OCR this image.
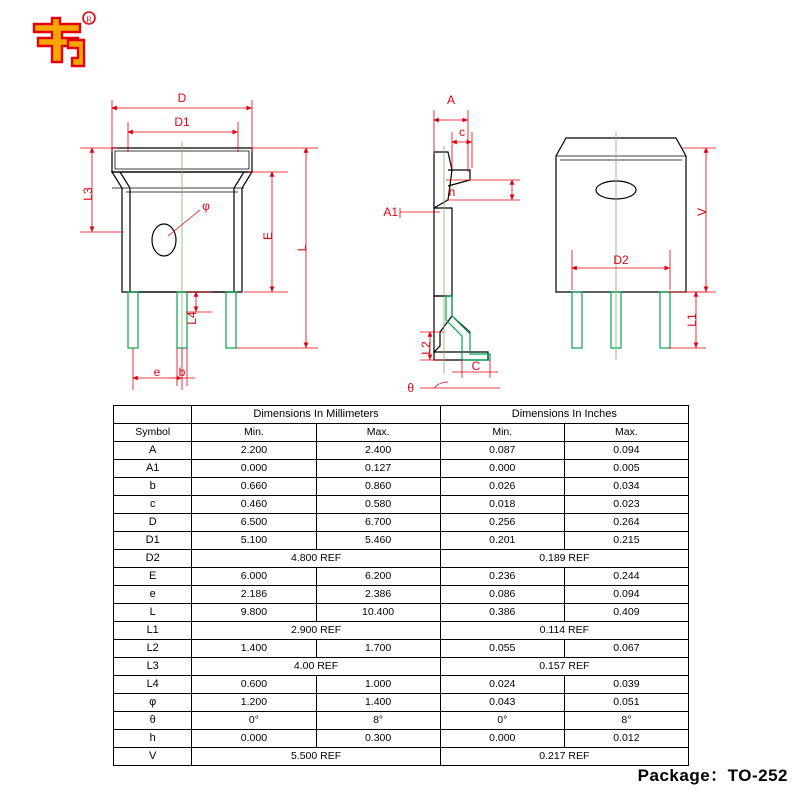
R
D
D1
L3
E
L
φ
L4
e b
A
c
h
A1
L2
C
θ
V
D2
L1
	Dimensions In Millimeters		Dimensions In Inches	
Symbol	Min.	Max.	Min.	Max.
A	2.200	2.400	0.087	0.094
A1	0.000	0.127	0.000	0.005
b	0.660	0.860	0.026	0.034
c	0.460	0.580	0.018	0.023
D	6.500	6.700	0.256	0.264
D1	5.100	5.460	0.201	0.215
D2	4.800 REF		0.189 REF	
E	6.000	6.200	0.236	0.244
e	2.186	2.386	0.086	0.094
L	9.800	10.400	0.386	0.409
L1	2.900 REF		0.114 REF	
L2	1.400	1.700	0.055	0.067
L3	4.00 REF		0.157 REF	
L4	0.600	1.000	0.024	0.039
φ	1.200	1.400	0.043	0.051
θ	0°	8°	0°	8°
h	0.000	0.300	0.000	0.012
V	5.500 REF		0.217 REF	
Package：TO-252
